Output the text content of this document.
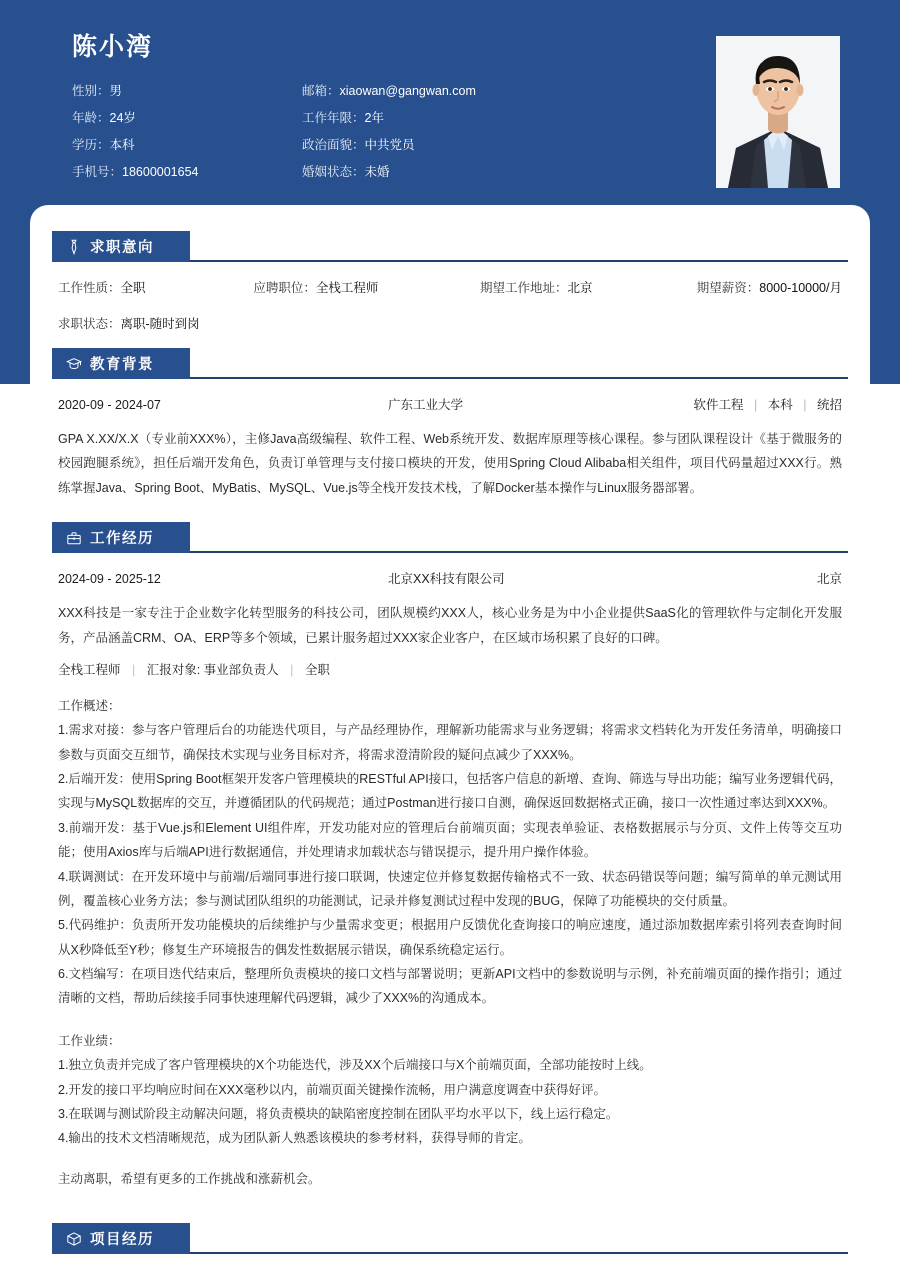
陈小湾
性别：男	邮箱：xiaowan@gangwan.com
年龄：24岁	工作年限：2年
学历：本科	政治面貌：中共党员
手机号：18600001654	婚姻状态：未婚
求职意向
工作性质：全职	应聘职位：全栈工程师	期望工作地址：北京	期望薪资：8000-10000/月
求职状态：离职-随时到岗
教育背景
2020-09 - 2024-07	广东工业大学	软件工程 | 本科 | 统招
GPA X.XX/X.X（专业前XXX%），主修Java高级编程、软件工程、Web系统开发、数据库原理等核心课程。参与团队课程设计《基于微服务的校园跑腿系统》，担任后端开发角色，负责订单管理与支付接口模块的开发，使用Spring Cloud Alibaba相关组件，项目代码量超过XXX行。熟练掌握Java、Spring Boot、MyBatis、MySQL、Vue.js等全栈开发技术栈，了解Docker基本操作与Linux服务器部署。
工作经历
2024-09 - 2025-12	北京XX科技有限公司	北京
XXX科技是一家专注于企业数字化转型服务的科技公司，团队规模约XXX人，核心业务是为中小企业提供SaaS化的管理软件与定制化开发服务，产品涵盖CRM、OA、ERP等多个领域，已累计服务超过XXX家企业客户，在区域市场积累了良好的口碑。
全栈工程师 | 汇报对象: 事业部负责人 | 全职
工作概述：
1.需求对接：参与客户管理后台的功能迭代项目，与产品经理协作，理解新功能需求与业务逻辑；将需求文档转化为开发任务清单，明确接口参数与页面交互细节，确保技术实现与业务目标对齐，将需求澄清阶段的疑问点减少了XXX%。
2.后端开发：使用Spring Boot框架开发客户管理模块的RESTful API接口，包括客户信息的新增、查询、筛选与导出功能；编写业务逻辑代码，实现与MySQL数据库的交互，并遵循团队的代码规范；通过Postman进行接口自测，确保返回数据格式正确，接口一次性通过率达到XXX%。
3.前端开发：基于Vue.js和Element UI组件库，开发功能对应的管理后台前端页面；实现表单验证、表格数据展示与分页、文件上传等交互功能；使用Axios库与后端API进行数据通信，并处理请求加载状态与错误提示，提升用户操作体验。
4.联调测试：在开发环境中与前端/后端同事进行接口联调，快速定位并修复数据传输格式不一致、状态码错误等问题；编写简单的单元测试用例，覆盖核心业务方法；参与测试团队组织的功能测试，记录并修复测试过程中发现的BUG，保障了功能模块的交付质量。
5.代码维护：负责所开发功能模块的后续维护与少量需求变更；根据用户反馈优化查询接口的响应速度，通过添加数据库索引将列表查询时间从X秒降低至Y秒；修复生产环境报告的偶发性数据展示错误，确保系统稳定运行。
6.文档编写：在项目迭代结束后，整理所负责模块的接口文档与部署说明；更新API文档中的参数说明与示例，补充前端页面的操作指引；通过清晰的文档，帮助后续接手同事快速理解代码逻辑，减少了XXX%的沟通成本。
工作业绩：
1.独立负责并完成了客户管理模块的X个功能迭代，涉及XX个后端接口与X个前端页面，全部功能按时上线。
2.开发的接口平均响应时间在XXX毫秒以内，前端页面关键操作流畅，用户满意度调查中获得好评。
3.在联调与测试阶段主动解决问题，将负责模块的缺陷密度控制在团队平均水平以下，线上运行稳定。
4.输出的技术文档清晰规范，成为团队新人熟悉该模块的参考材料，获得导师的肯定。
主动离职，希望有更多的工作挑战和涨薪机会。
项目经历
